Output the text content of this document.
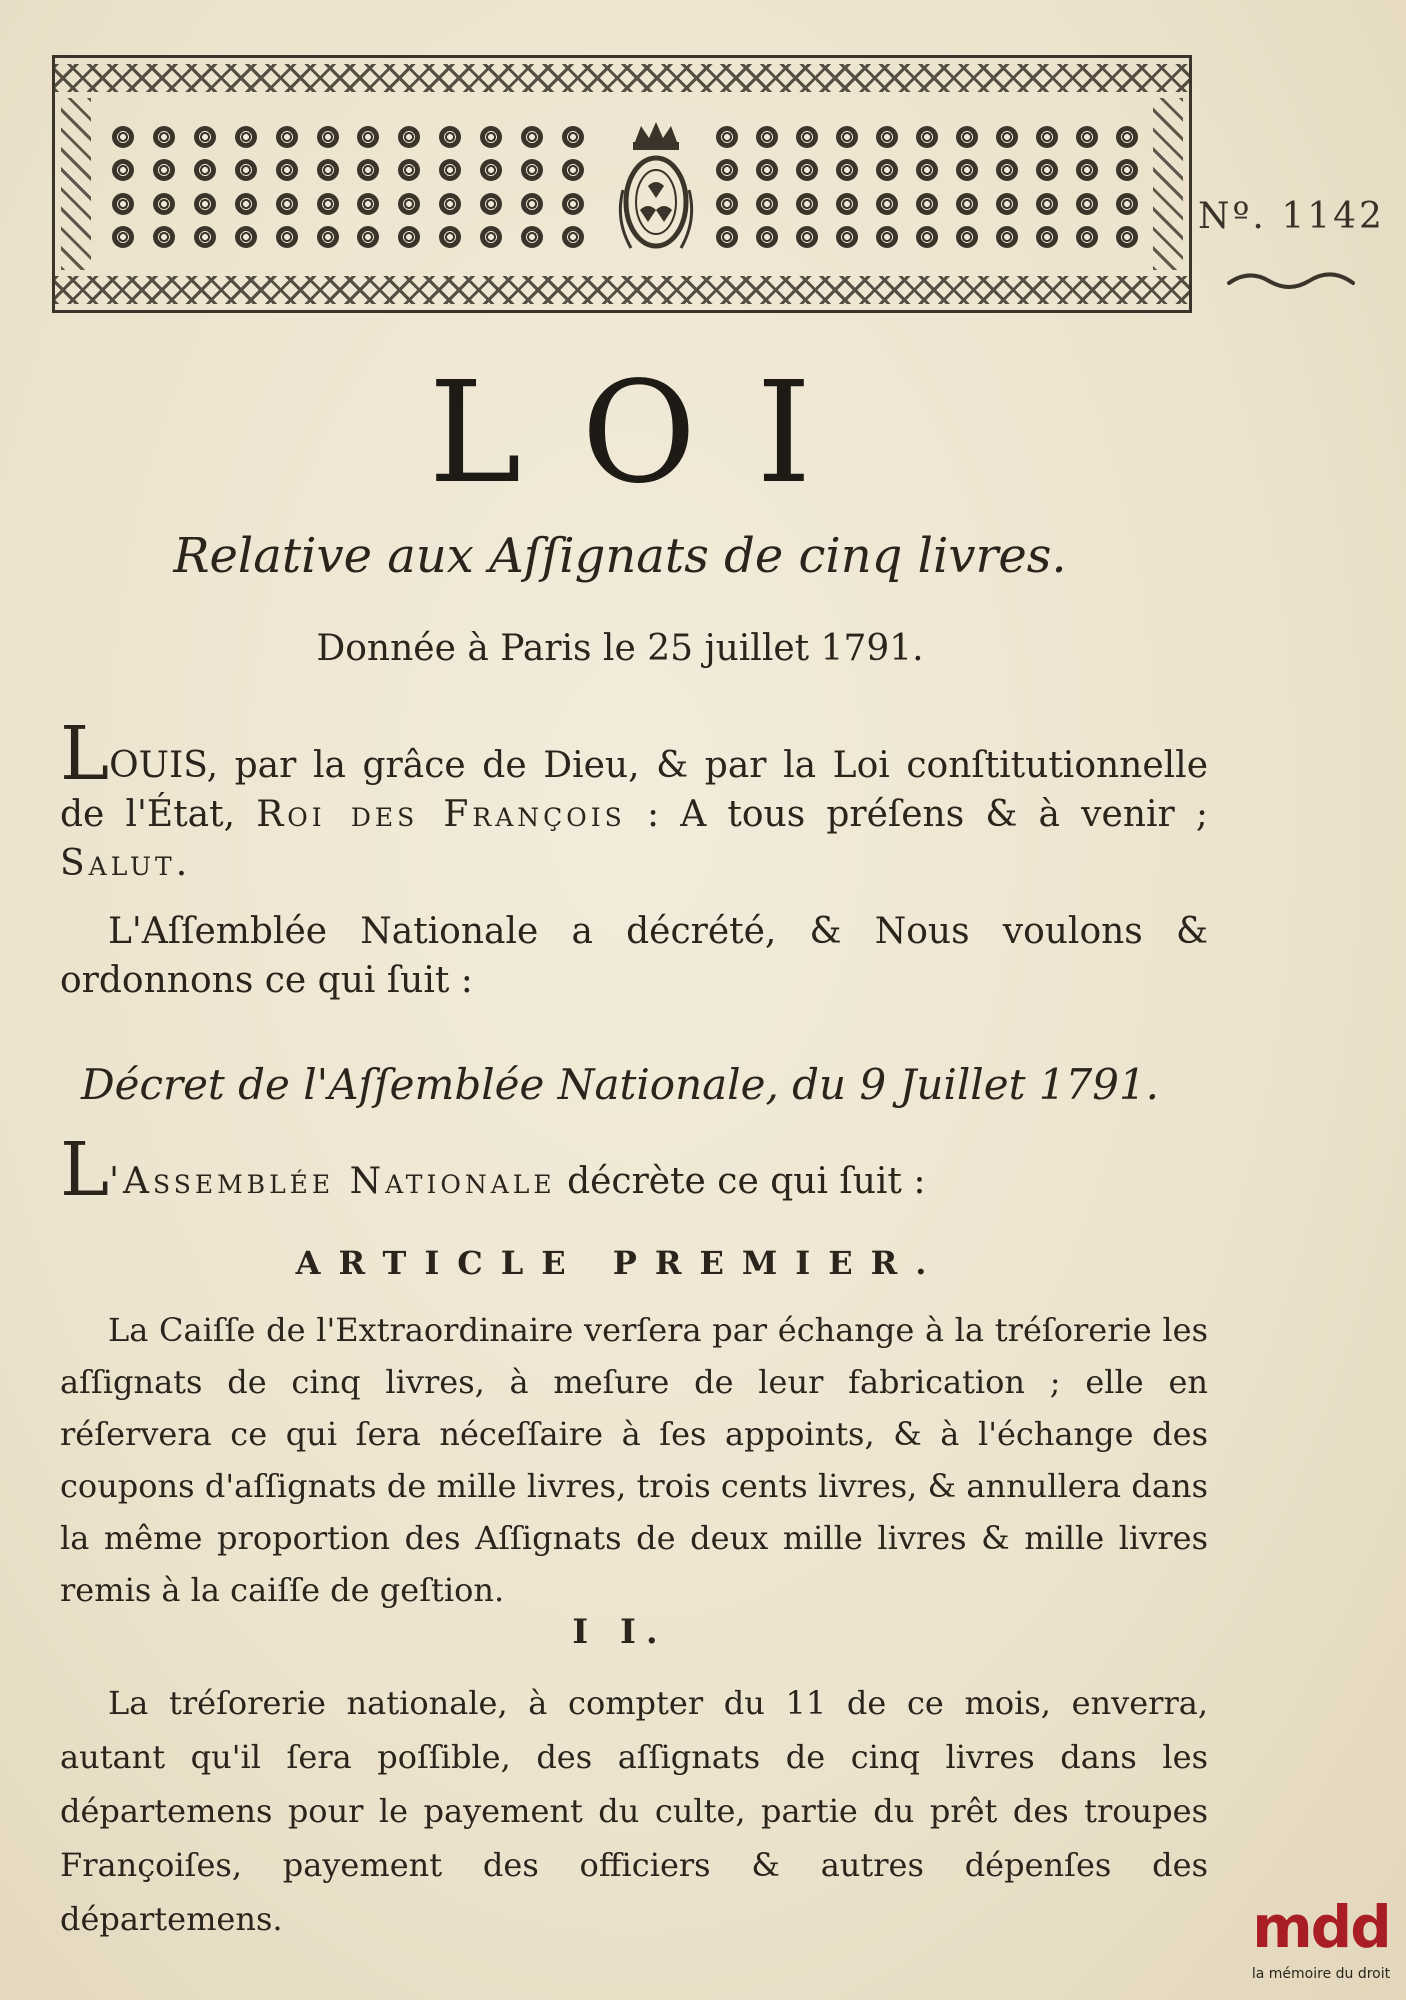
Nº. 1142
LOI
Relative aux Aſſignats de cinq livres.
Donnée à Paris le 25 juillet 1791.
LOUIS, par la grâce de Dieu, & par la Loi conſtitutionnelle de l'État, Roi des François : A tous préſens & à venir ; Salut.
L'Aſſemblée Nationale a décrété, & Nous voulons & ordonnons ce qui ſuit :
Décret de l'Aſſemblée Nationale, du 9 Juillet 1791.
L'Assemblée Nationale décrète ce qui ſuit :
ARTICLE PREMIER.
La Caiſſe de l'Extraordinaire verſera par échange à la tréſorerie les aſſignats de cinq livres, à meſure de leur fabrication ; elle en réſervera ce qui ſera néceſſaire à ſes appoints, & à l'échange des coupons d'aſſignats de mille livres, trois cents livres, & annullera dans la même proportion des Aſſignats de deux mille livres & mille livres remis à la caiſſe de geſtion.
I I.
La tréſorerie nationale, à compter du 11 de ce mois, enverra, autant qu'il ſera poſſible, des aſſignats de cinq livres dans les départemens pour le payement du culte, partie du prêt des troupes Françoiſes, payement des officiers & autres dépenſes des départemens.	mdd
la mémoire du droit
